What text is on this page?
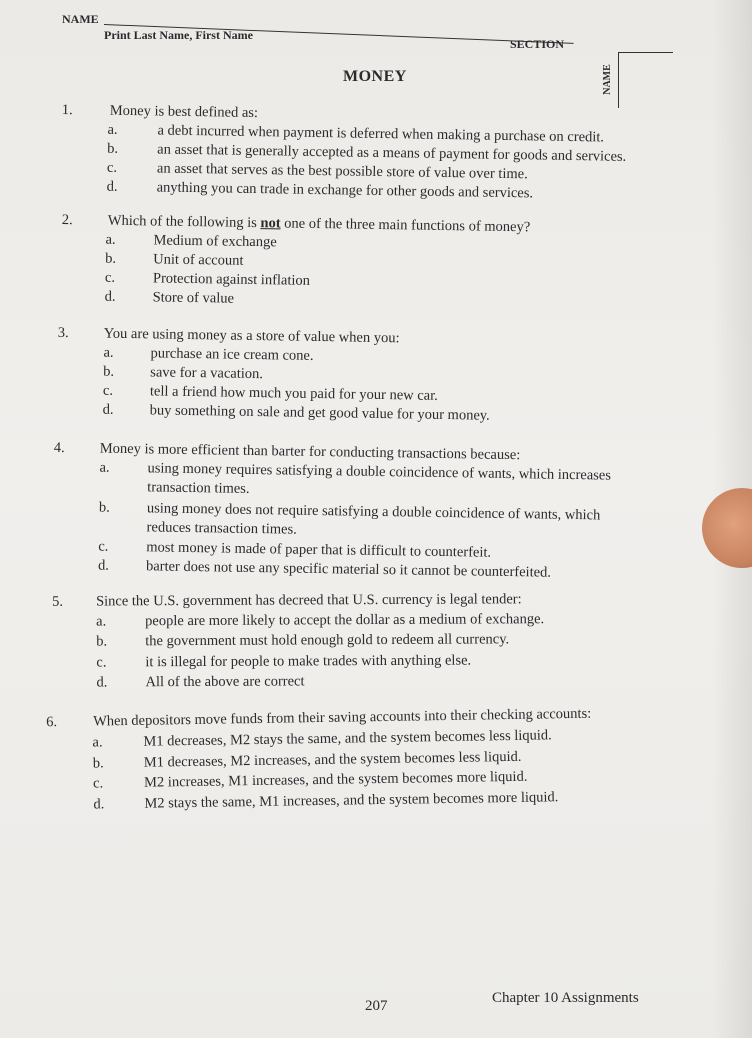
NAME
Print Last Name, First Name
SECTION
NAME
MONEY
1.	Money is best defined as:
a.	a debt incurred when payment is deferred when making a purchase on credit.
b.	an asset that is generally accepted as a means of payment for goods and services.
c.	an asset that serves as the best possible store of value over time.
d.	anything you can trade in exchange for other goods and services.
2.	Which of the following is not one of the three main functions of money?
a.	Medium of exchange
b.	Unit of account
c.	Protection against inflation
d.	Store of value
3.	You are using money as a store of value when you:
a.	purchase an ice cream cone.
b. save for a vacation.
c.	tell a friend how much you paid for your new car.
d. buy something on sale and get good value for your money.
4.	Money is more efficient than barter for conducting transactions because:
a.	using money requires satisfying a double coincidence of wants, which increases
transaction times.
b.	using money does not require satisfying a double coincidence of wants, which
reduces transaction times.
c.	most money is made of paper that is difficult to counterfeit.
d.	barter does not use any specific material so it cannot be counterfeited.
5.	Since the U.S. government has decreed that U.S. currency is legal tender:
a.	people are more likely to accept the dollar as a medium of exchange.
b.	the government must hold enough gold to redeem all currency.
c.	it is illegal for people to make trades with anything else.
d.	All of the above are correct
6.	When depositors move funds from their saving accounts into their checking accounts:
a.	M1 decreases, M2 stays the same, and the system becomes less liquid.
b.	M1 decreases, M2 increases, and the system becomes less liquid.
c.	M2 increases, M1 increases, and the system becomes more liquid.
d.	M2 stays the same, M1 increases, and the system becomes more liquid.
207	Chapter 10 Assignments
